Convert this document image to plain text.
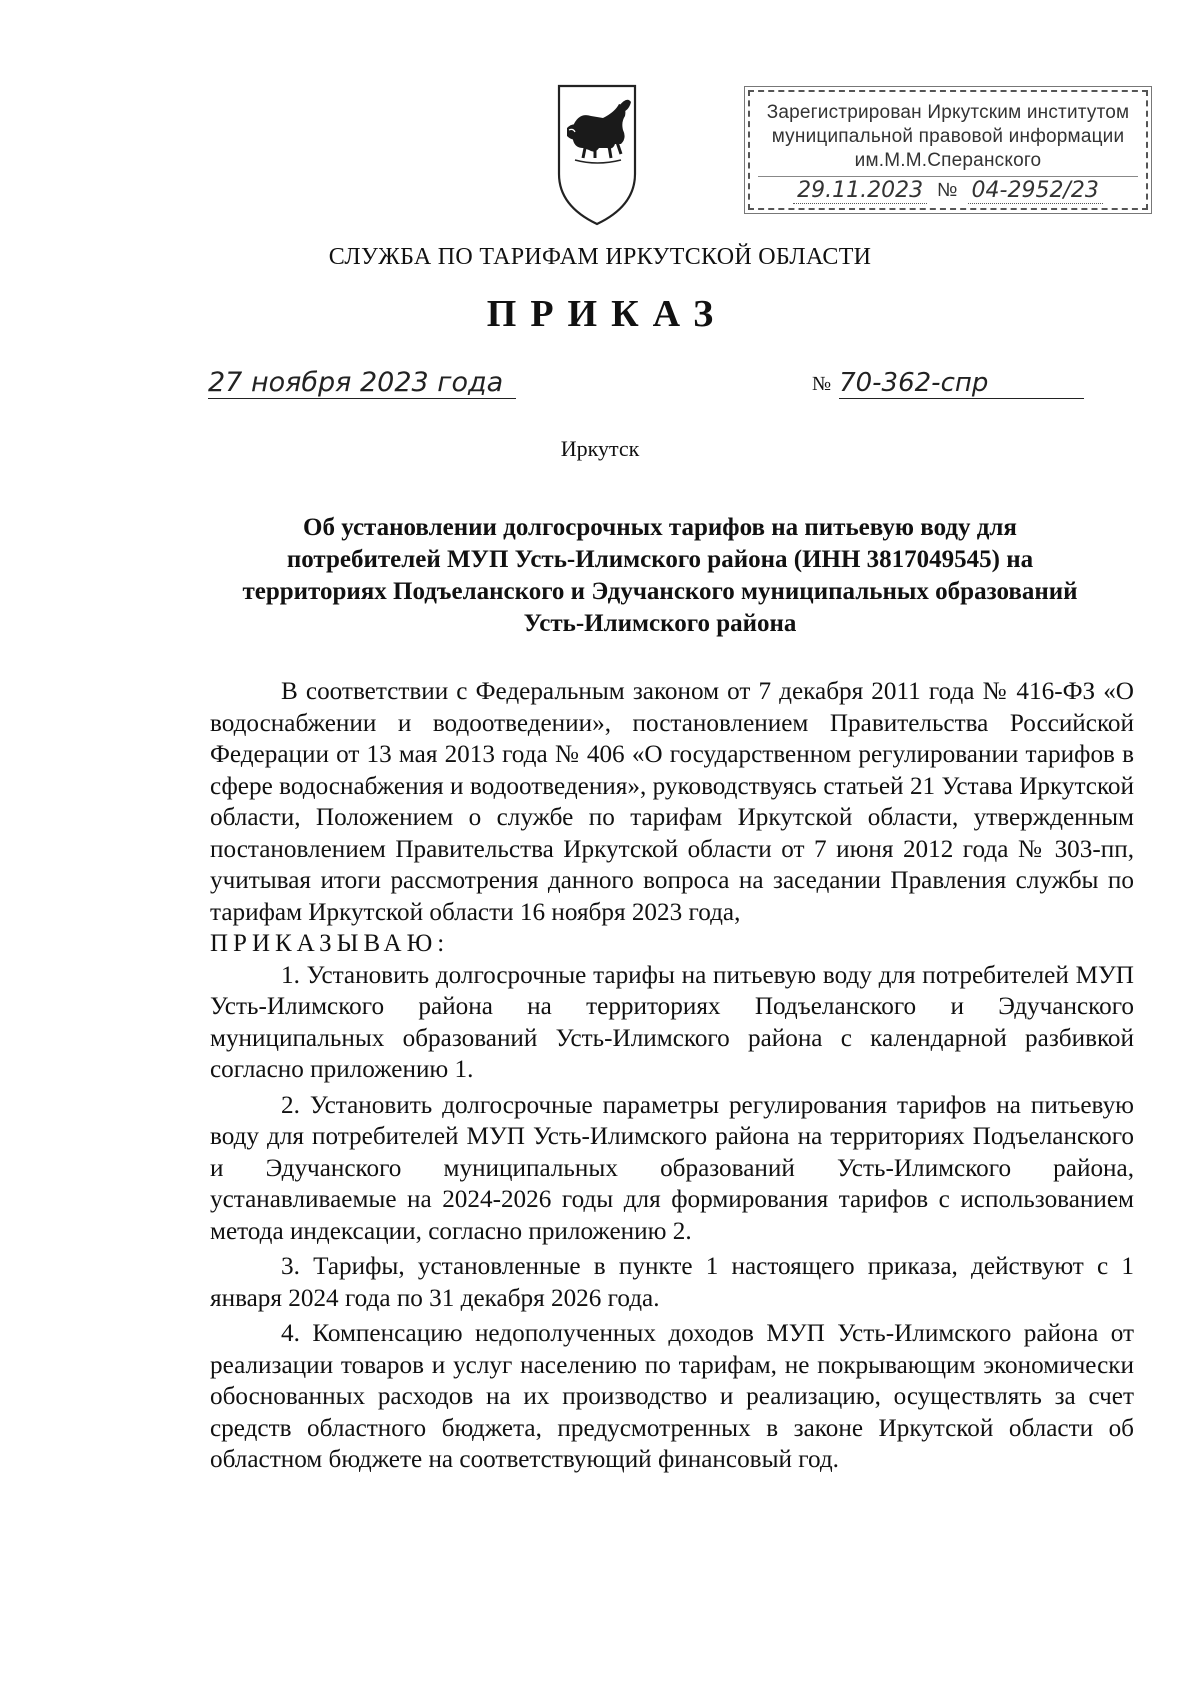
Зарегистрирован Иркутским институтом
муниципальной правовой информации
им.М.М.Сперанского
29.11.2023 № 04-2952/23
СЛУЖБА ПО ТАРИФАМ ИРКУТСКОЙ ОБЛАСТИ
ПРИКАЗ
27 ноября 2023 года	№ 70-362-спр
Иркутск
Об установлении долгосрочных тарифов на питьевую воду для
потребителей МУП Усть-Илимского района (ИНН 3817049545) на
территориях Подъеланского и Эдучанского муниципальных образований
Усть-Илимского района

В соответствии с Федеральным законом от 7 декабря 2011 года № 416-ФЗ «О водоснабжении и водоотведении», постановлением Правительства Российской Федерации от 13 мая 2013 года № 406 «О государственном регулировании тарифов в сфере водоснабжения и водоотведения», руководствуясь статьей 21 Устава Иркутской области, Положением о службе по тарифам Иркутской области, утвержденным постановлением Правительства Иркутской области от 7 июня 2012 года № 303-пп, учитывая итоги рассмотрения данного вопроса на заседании Правления службы по тарифам Иркутской области 16 ноября 2023 года,

ПРИКАЗЫВАЮ:

1. Установить долгосрочные тарифы на питьевую воду для потребителей МУП Усть-Илимского района на территориях Подъеланского и Эдучанского муниципальных образований Усть-Илимского района с календарной разбивкой согласно приложению 1.

2. Установить долгосрочные параметры регулирования тарифов на питьевую воду для потребителей МУП Усть-Илимского района на территориях Подъеланского и Эдучанского муниципальных образований Усть-Илимского района, устанавливаемые на 2024-2026 годы для формирования тарифов с использованием метода индексации, согласно приложению 2.

3. Тарифы, установленные в пункте 1 настоящего приказа, действуют с 1 января 2024 года по 31 декабря 2026 года.

4. Компенсацию недополученных доходов МУП Усть-Илимского района от реализации товаров и услуг населению по тарифам, не покрывающим экономически обоснованных расходов на их производство и реализацию, осуществлять за счет средств областного бюджета, предусмотренных в законе Иркутской области об областном бюджете на соответствующий финансовый год.
